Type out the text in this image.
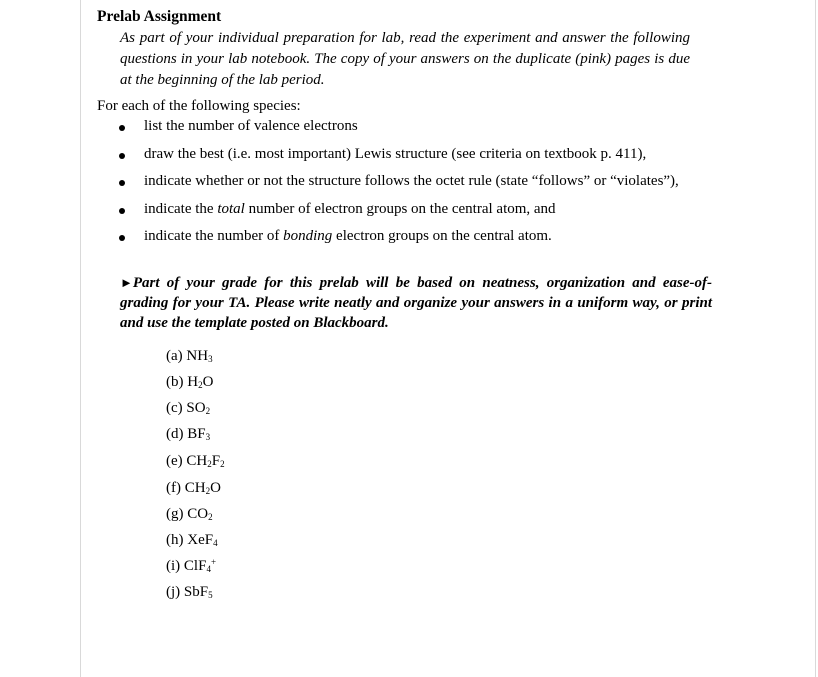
Prelab Assignment
As part of your individual preparation for lab, read the experiment and answer the following questions in your lab notebook. The copy of your answers on the duplicate (pink) pages is due at the beginning of the lab period.
For each of the following species:
list the number of valence electrons
draw the best (i.e. most important) Lewis structure (see criteria on textbook p. 411),
indicate whether or not the structure follows the octet rule (state “follows” or “violates”),
indicate the total number of electron groups on the central atom, and
indicate the number of bonding electron groups on the central atom.
►Part of your grade for this prelab will be based on neatness, organization and ease-of- grading for your TA. Please write neatly and organize your answers in a uniform way, or print and use the template posted on Blackboard.
(a) $NH_3$
(b) $H_2O$
(c) $SO_2$
(d) $BF_3$
(e) $CH_2F_2$
(f) $CH_2O$
(g) $CO_2$
(h) XeF$_4$
(i) ClF$_4$+
(j) SbF$_5$
